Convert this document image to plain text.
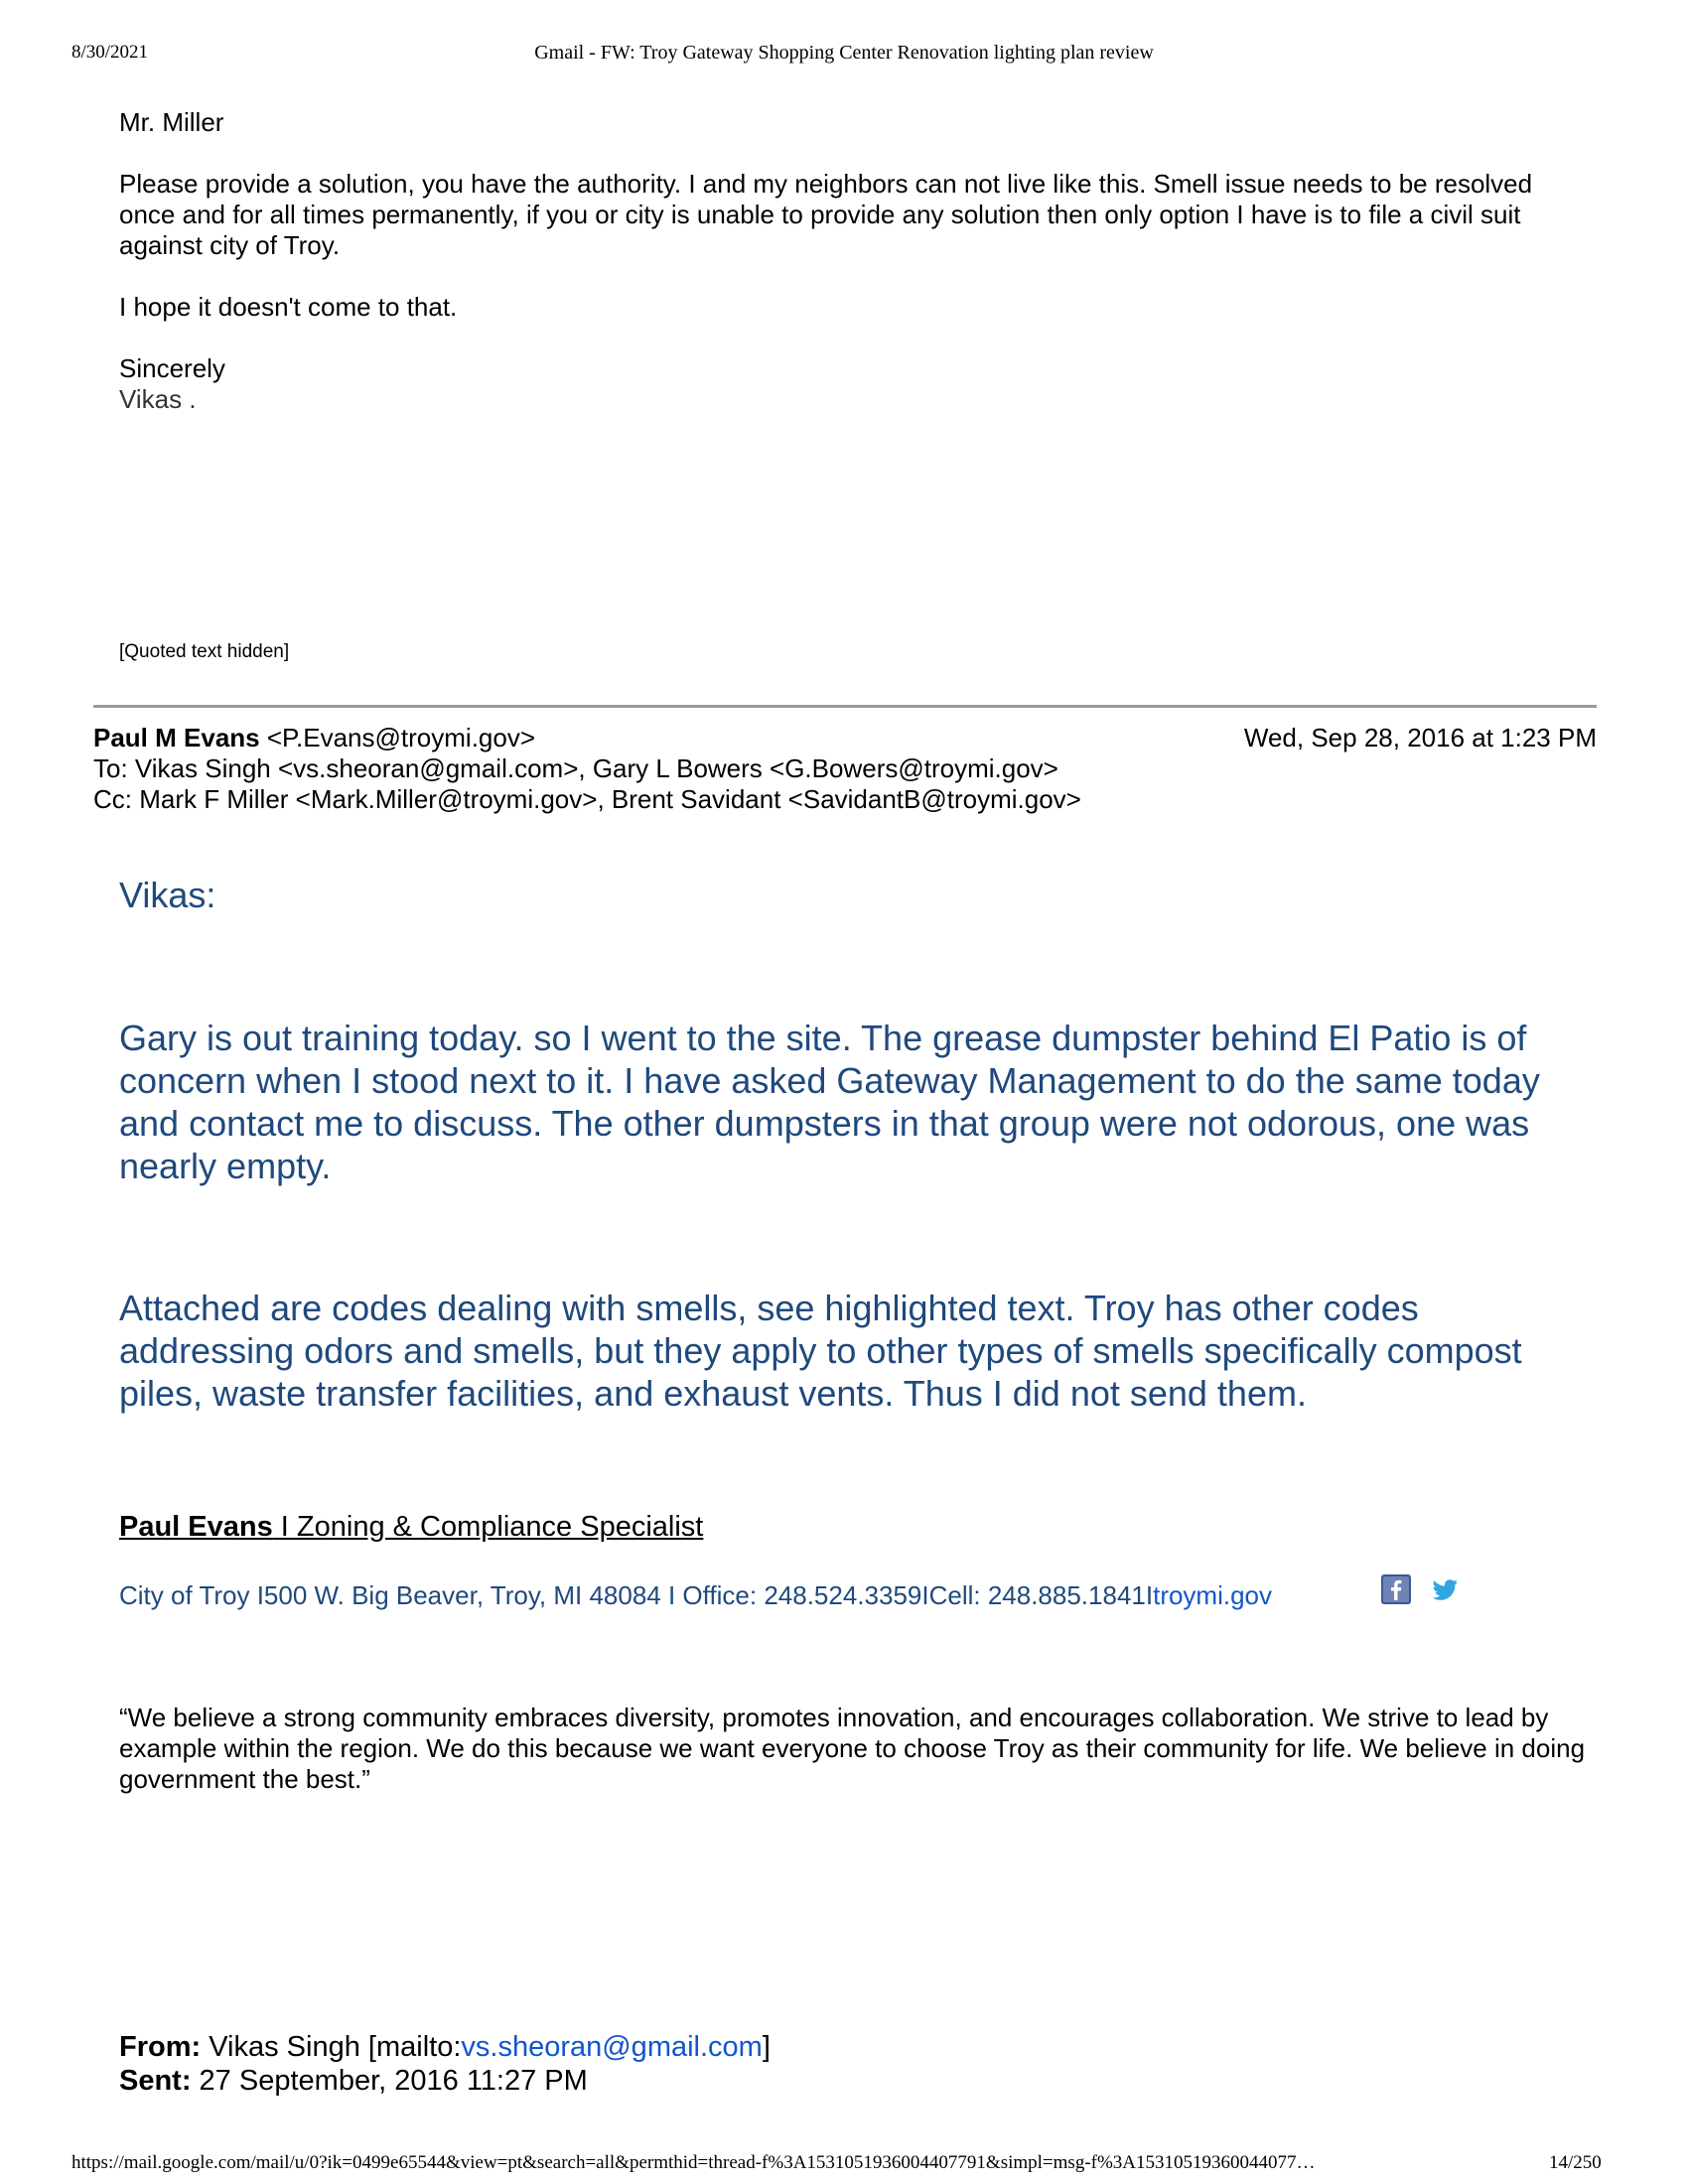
8/30/2021	Gmail - FW: Troy Gateway Shopping Center Renovation lighting plan review

Mr. Miller

Please provide a solution, you have the authority. I and my neighbors can not live like this. Smell issue needs to be resolved once and for all times permanently, if you or city is unable to provide any solution then only option I have is to file a civil suit against city of Troy.

I hope it doesn't come to that.

Sincerely

Vikas .
[Quoted text hidden]
Paul M Evans <P.Evans@troymi.gov>	Wed, Sep 28, 2016 at 1:23 PM
To: Vikas Singh <vs.sheoran@gmail.com>, Gary L Bowers <G.Bowers@troymi.gov>
Cc: Mark F Miller <Mark.Miller@troymi.gov>, Brent Savidant <SavidantB@troymi.gov>
Vikas:
Gary is out training today. so I went to the site. The grease dumpster behind El Patio is of concern when I stood next to it. I have asked Gateway Management to do the same today and contact me to discuss. The other dumpsters in that group were not odorous, one was nearly empty.
Attached are codes dealing with smells, see highlighted text. Troy has other codes addressing odors and smells, but they apply to other types of smells specifically compost piles, waste transfer facilities, and exhaust vents. Thus I did not send them.
Paul Evans I Zoning & Compliance Specialist
City of Troy I500 W. Big Beaver, Troy, MI 48084 I Office: 248.524.3359ICell: 248.885.1841Itroymi.gov
“We believe a strong community embraces diversity, promotes innovation, and encourages collaboration. We strive to lead by example within the region. We do this because we want everyone to choose Troy as their community for life. We believe in doing government the best.”
From: Vikas Singh [mailto:vs.sheoran@gmail.com]
Sent: 27 September, 2016 11:27 PM
https://mail.google.com/mail/u/0?ik=0499e65544&view=pt&search=all&permthid=thread-f%3A1531051936004407791&simpl=msg-f%3A15310519360044077…	14/250
